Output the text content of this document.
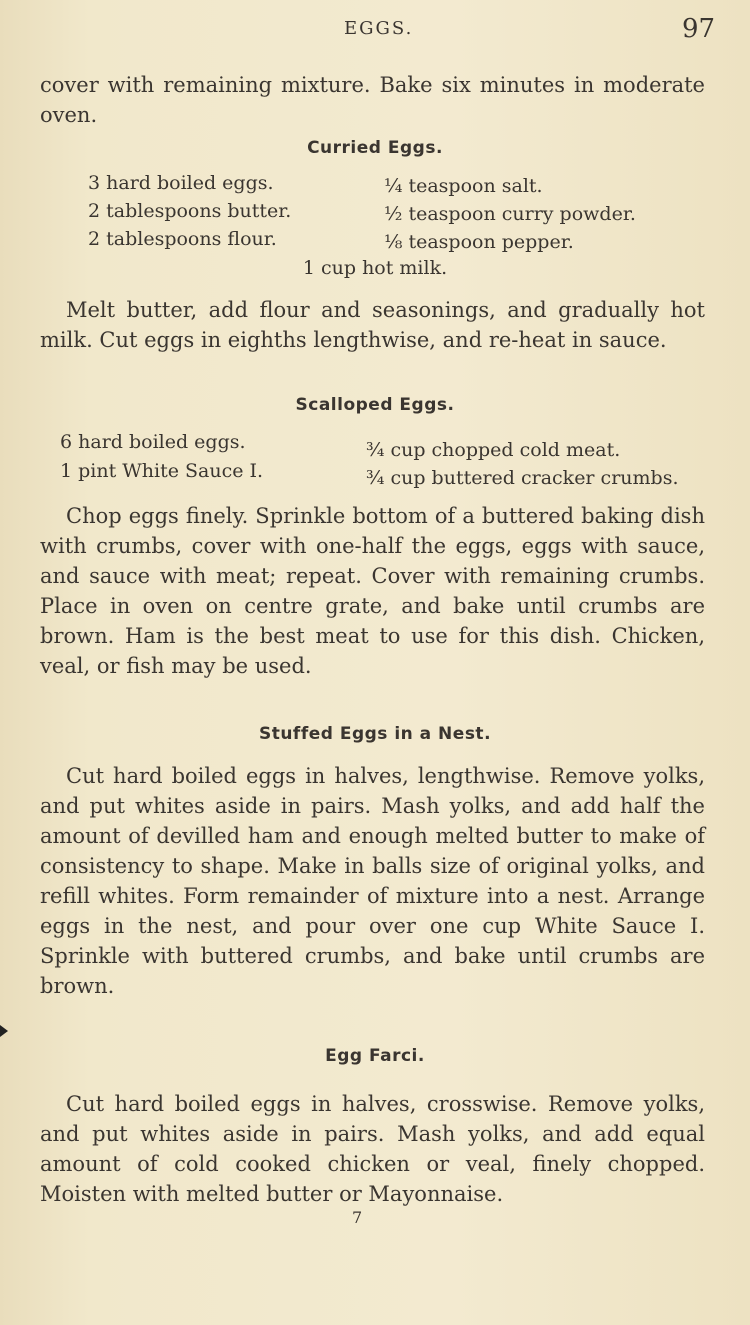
EGGS.	97

cover with remaining mixture. Bake six minutes in moderate oven.

Curried Eggs.
3 hard boiled eggs.
2 tablespoons butter.
2 tablespoons flour.
¼ teaspoon salt.
½ teaspoon curry powder.
⅛ teaspoon pepper.
1 cup hot milk.

Melt butter, add flour and seasonings, and gradually hot milk. Cut eggs in eighths lengthwise, and re-heat in sauce.

Scalloped Eggs.
6 hard boiled eggs.
1 pint White Sauce I.
¾ cup chopped cold meat.
¾ cup buttered cracker crumbs.

Chop eggs finely. Sprinkle bottom of a buttered baking dish with crumbs, cover with one-half the eggs, eggs with sauce, and sauce with meat; repeat. Cover with remaining crumbs. Place in oven on centre grate, and bake until crumbs are brown. Ham is the best meat to use for this dish. Chicken, veal, or fish may be used.

Stuffed Eggs in a Nest.

Cut hard boiled eggs in halves, lengthwise. Remove yolks, and put whites aside in pairs. Mash yolks, and add half the amount of devilled ham and enough melted butter to make of consistency to shape. Make in balls size of original yolks, and refill whites. Form remainder of mixture into a nest. Arrange eggs in the nest, and pour over one cup White Sauce I. Sprinkle with buttered crumbs, and bake until crumbs are brown.

Egg Farci.

Cut hard boiled eggs in halves, crosswise. Remove yolks, and put whites aside in pairs. Mash yolks, and add equal amount of cold cooked chicken or veal, finely chopped. Moisten with melted butter or Mayonnaise.

7
